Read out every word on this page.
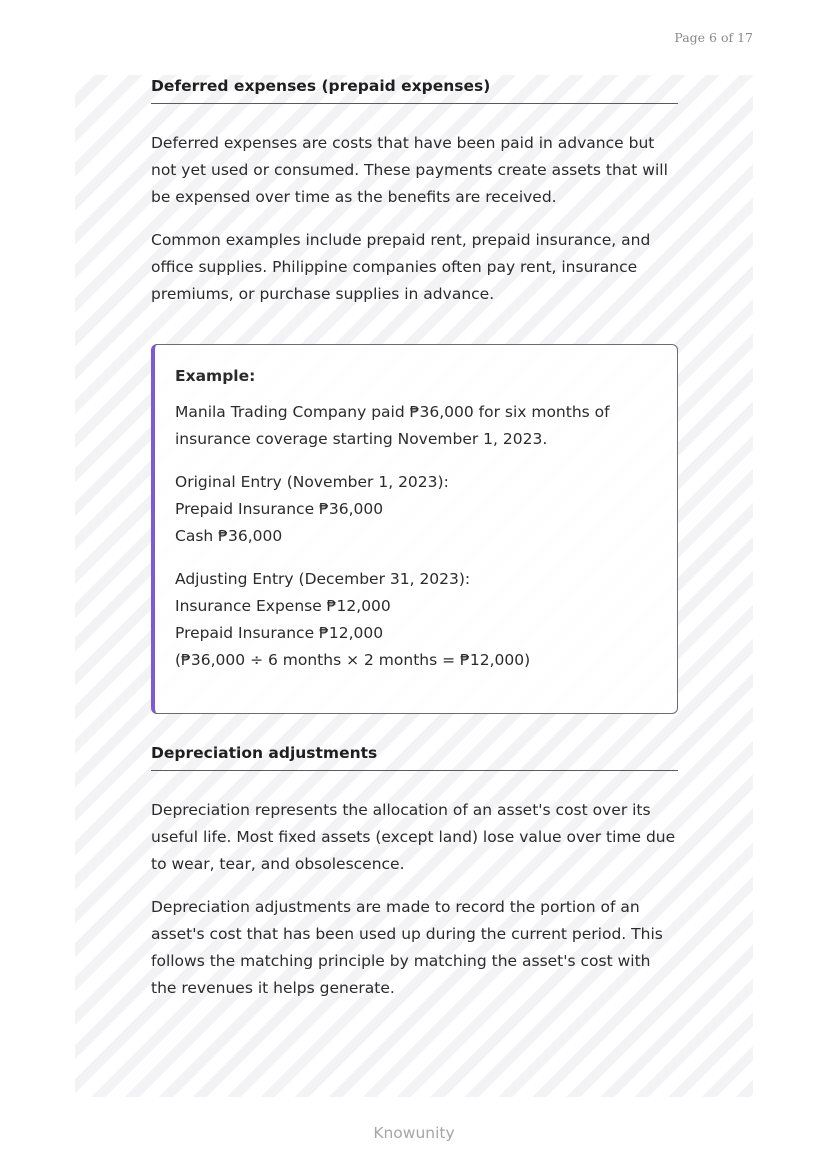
Page 6 of 17
Deferred expenses (prepaid expenses)

Deferred expenses are costs that have been paid in advance but not yet used or consumed. These payments create assets that will be expensed over time as the benefits are received.

Common examples include prepaid rent, prepaid insurance, and office supplies. Philippine companies often pay rent, insurance premiums, or purchase supplies in advance.

Example:

Manila Trading Company paid ₱36,000 for six months of insurance coverage starting November 1, 2023.

Original Entry (November 1, 2023):

Prepaid Insurance ₱36,000

Cash ₱36,000

Adjusting Entry (December 31, 2023):

Insurance Expense ₱12,000

Prepaid Insurance ₱12,000

(₱36,000 ÷ 6 months × 2 months = ₱12,000)

Depreciation adjustments

Depreciation represents the allocation of an asset's cost over its useful life. Most fixed assets (except land) lose value over time due to wear, tear, and obsolescence.

Depreciation adjustments are made to record the portion of an asset's cost that has been used up during the current period. This follows the matching principle by matching the asset's cost with the revenues it helps generate.

Knowunity
